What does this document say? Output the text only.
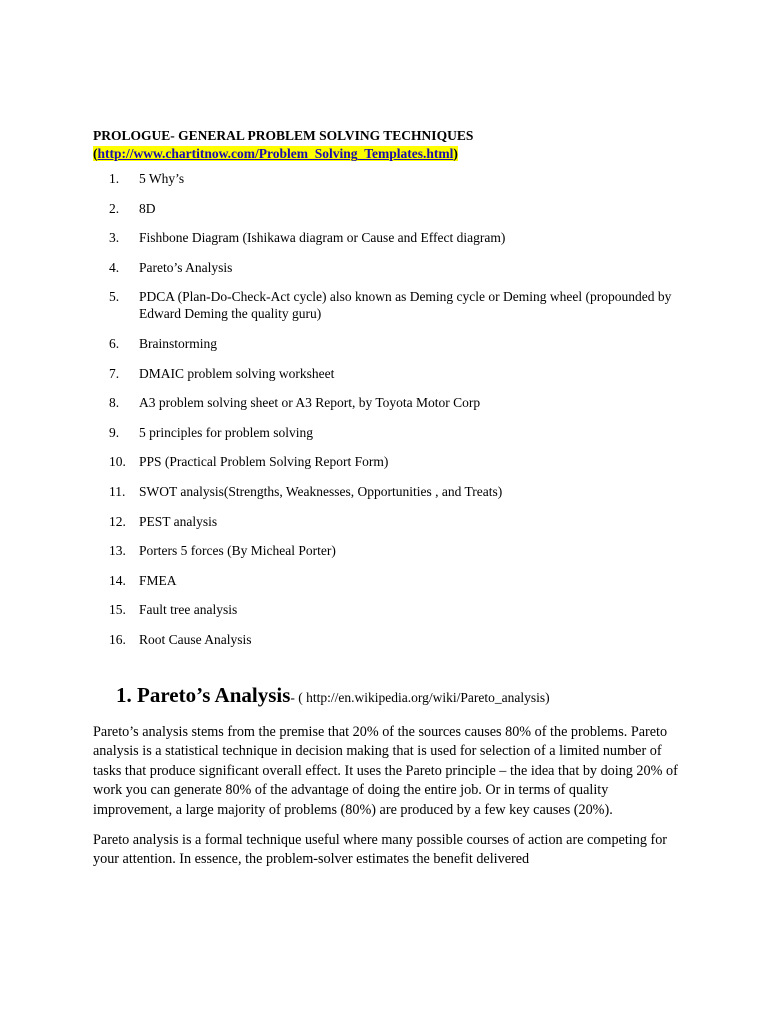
PROLOGUE- GENERAL PROBLEM SOLVING TECHNIQUES
(http://www.chartitnow.com/Problem_Solving_Templates.html)
1.	5 Why’s
2.	8D
3.	Fishbone Diagram (Ishikawa diagram or Cause and Effect diagram)
4.	Pareto’s Analysis
5.	PDCA (Plan-Do-Check-Act cycle) also known as Deming cycle or Deming wheel (propounded by Edward Deming the quality guru)
6.	Brainstorming
7.	DMAIC problem solving worksheet
8.	A3 problem solving sheet or A3 Report, by Toyota Motor Corp
9.	5 principles for problem solving
10. PPS (Practical Problem Solving Report Form)
11.	SWOT analysis(Strengths, Weaknesses, Opportunities , and Treats)
12. PEST analysis
13. Porters 5 forces (By Micheal Porter)
14. FMEA
15. Fault tree analysis
16. Root Cause Analysis
1. Pareto’s Analysis- ( http://en.wikipedia.org/wiki/Pareto_analysis)

Pareto’s analysis stems from the premise that 20% of the sources causes 80% of the problems. Pareto analysis is a statistical technique in decision making that is used for selection of a limited number of tasks that produce significant overall effect. It uses the Pareto principle – the idea that by doing 20% of work you can generate 80% of the advantage of doing the entire job. Or in terms of quality improvement, a large majority of problems (80%) are produced by a few key causes (20%).

Pareto analysis is a formal technique useful where many possible courses of action are competing for your attention. In essence, the problem-solver estimates the benefit delivered
